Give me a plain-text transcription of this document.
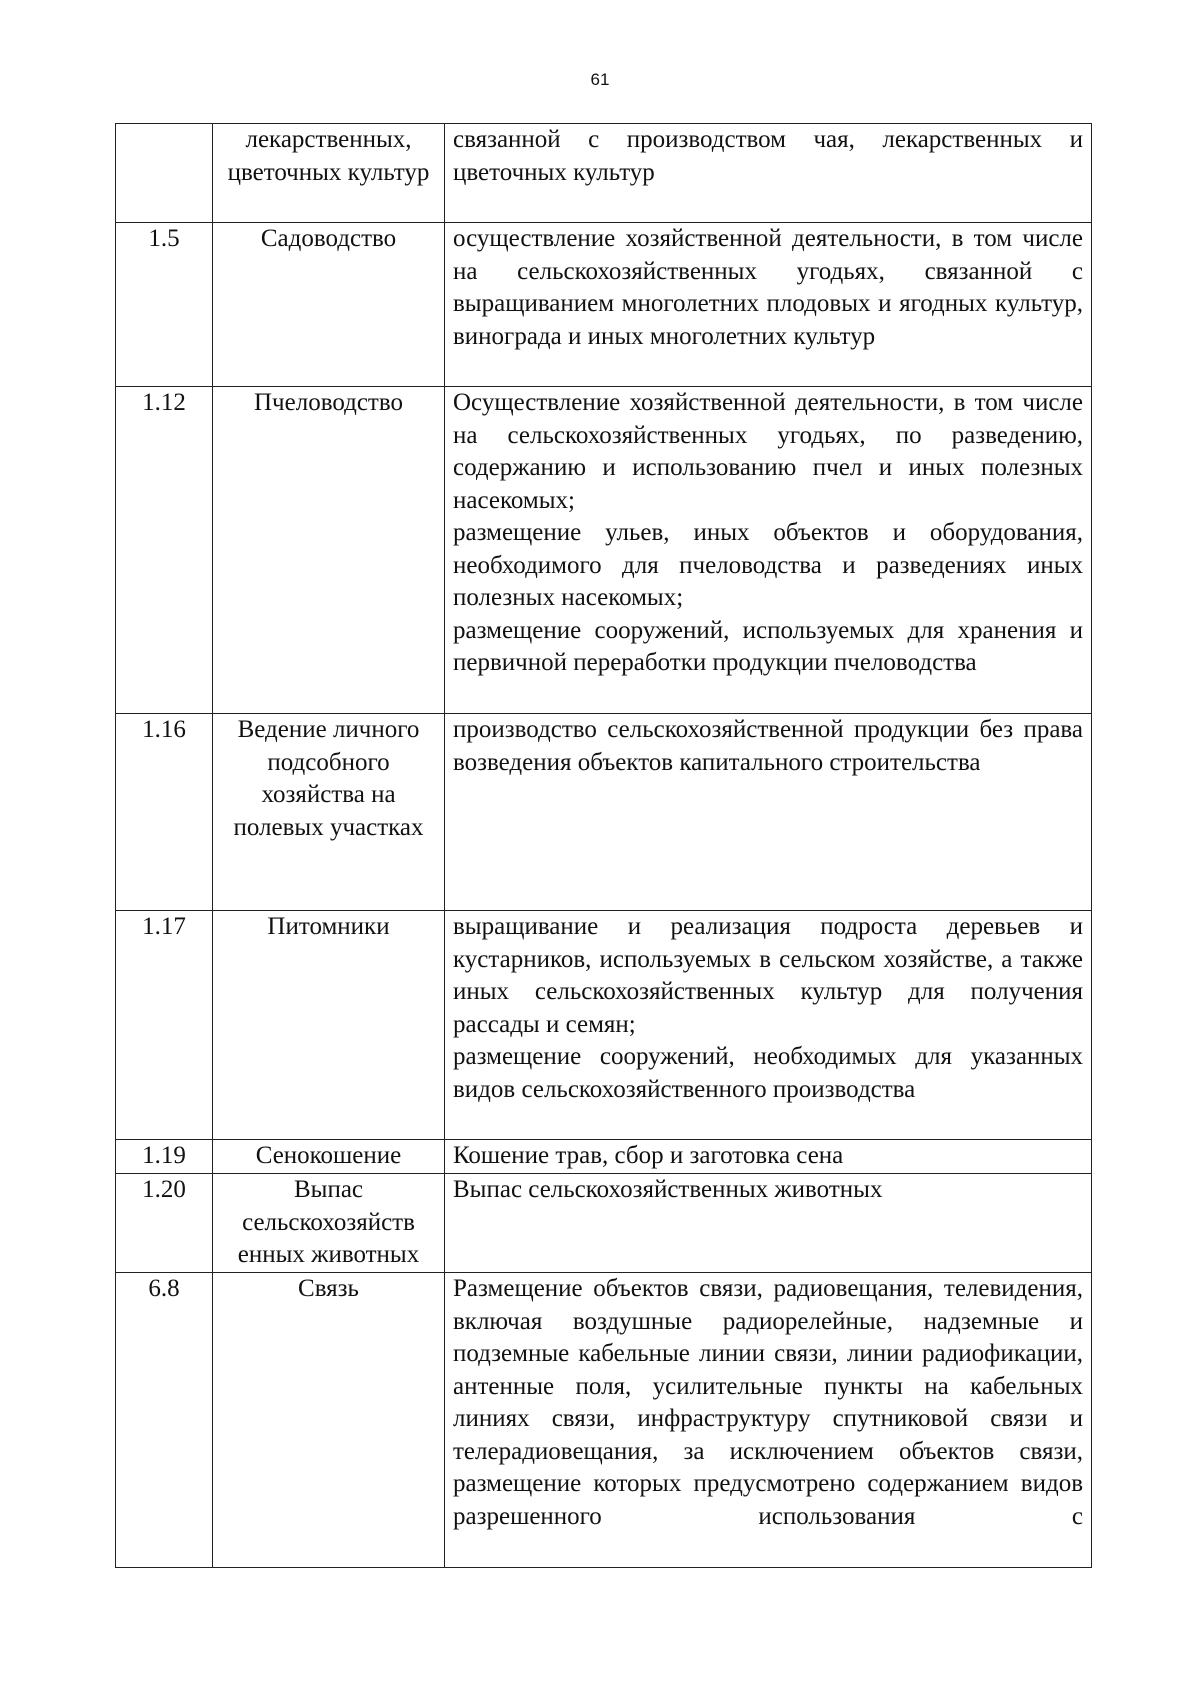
61
	лекарственных, цветочных культур	связанной с производством чая, лекарственных и цветочных культур

1.5	Садоводство	осуществление хозяйственной деятельности, в том числе на сельскохозяйственных угодьях, связанной с выращиванием многолетних плодовых и ягодных культур, винограда и иных многолетних культур

1.12	Пчеловодство	Осуществление хозяйственной деятельности, в том числе на сельскохозяйственных угодьях, по разведению, содержанию и использованию пчел и иных полезных насекомых;

размещение ульев, иных объектов и оборудования, необходимого для пчеловодства и разведениях иных полезных насекомых;

размещение сооружений, используемых для хранения и первичной переработки продукции пчеловодства

1.16	Ведение личного подсобного хозяйства на полевых участках	производство сельскохозяйственной продукции без права возведения объектов капитального строительства

1.17	Питомники	выращивание и реализация подроста деревьев и кустарников, используемых в сельском хозяйстве, а также иных сельскохозяйственных культур для получения рассады и семян;

размещение сооружений, необходимых для указанных видов сельскохозяйственного производства

1.19	Сенокошение	Кошение трав, сбор и заготовка сена

1.20	Выпас сельскохозяйств енных животных	Выпас сельскохозяйственных животных

6.8	Связь	Размещение объектов связи, радиовещания, телевидения, включая воздушные радиорелейные, надземные и подземные кабельные линии связи, линии радиофикации, антенные поля, усилительные пункты на кабельных линиях связи, инфраструктуру спутниковой связи и телерадиовещания, за исключением объектов связи, размещение которых предусмотрено содержанием видов разрешенного использования с
